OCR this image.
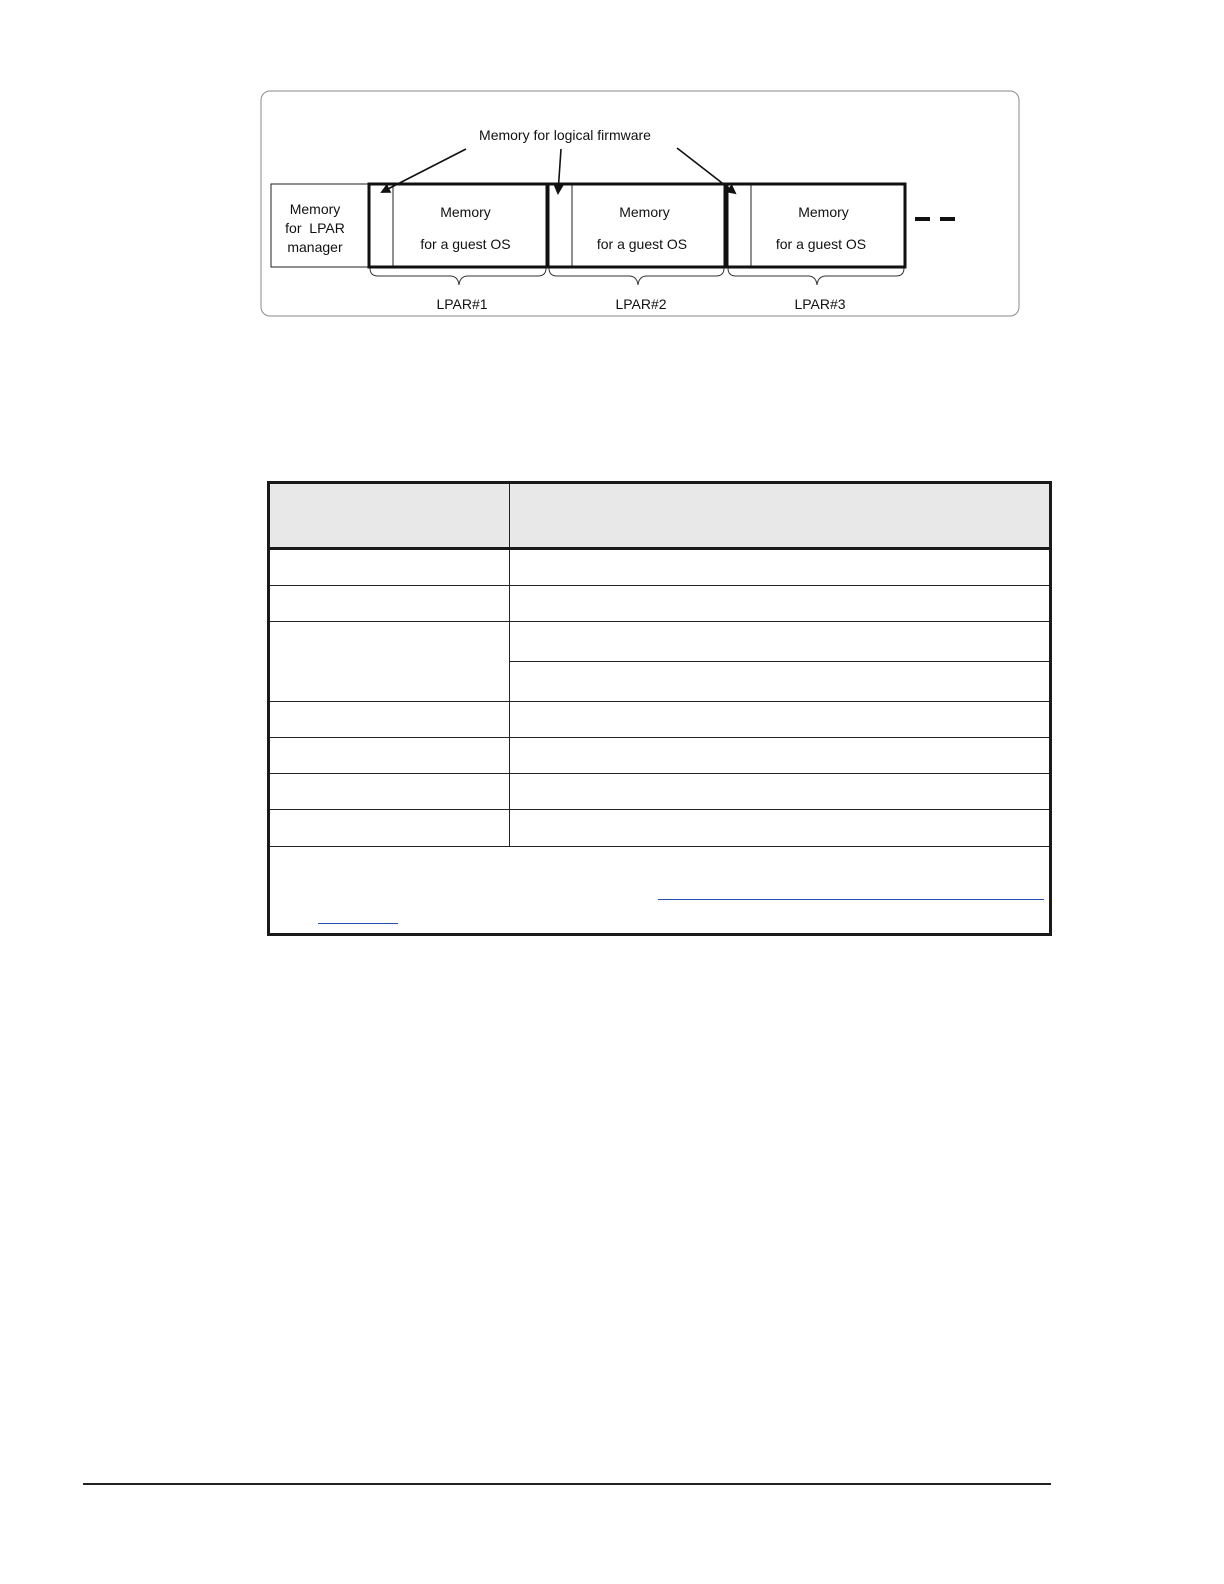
Memory for logical firmware
Memory
for  LPAR
manager
Memory
for a guest OS
Memory
for a guest OS
Memory
for a guest OS
LPAR#1	LPAR#2	LPAR#3
